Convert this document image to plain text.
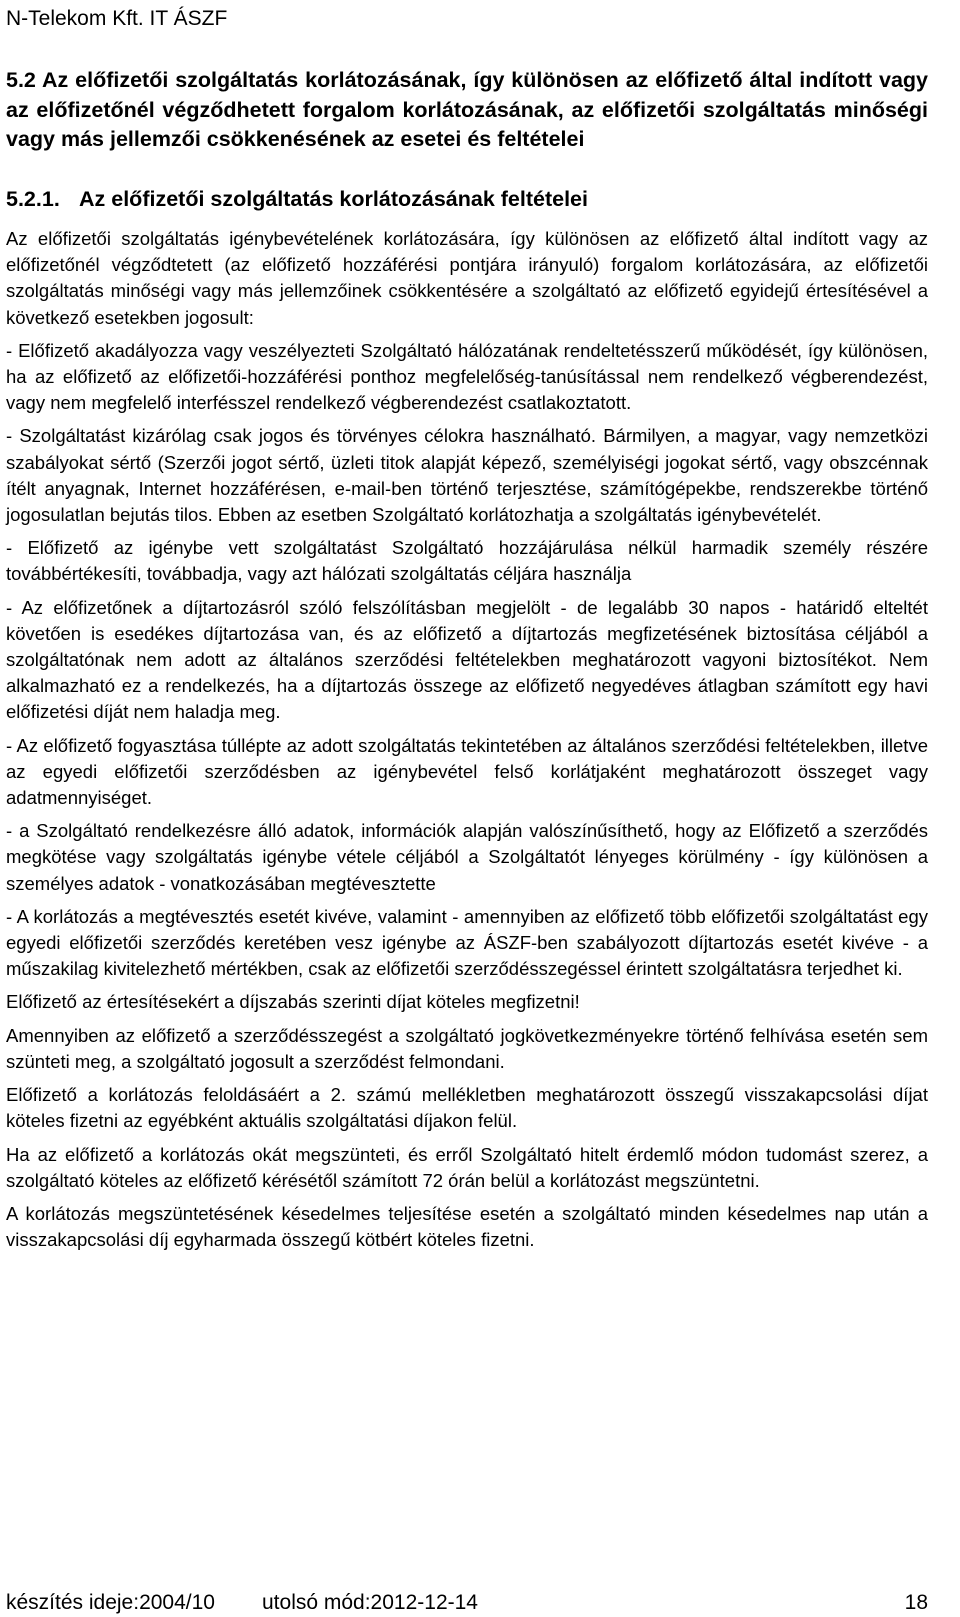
N-Telekom Kft. IT ÁSZF
5.2 Az előfizetői szolgáltatás korlátozásának, így különösen az előfizető által indított vagy az előfizetőnél végződhetett forgalom korlátozásának, az előfizetői szolgáltatás minőségi vagy más jellemzői csökkenésének az esetei és feltételei
5.2.1. Az előfizetői szolgáltatás korlátozásának feltételei

Az előfizetői szolgáltatás igénybevételének korlátozására, így különösen az előfizető által indított vagy az előfizetőnél végződtetett (az előfizető hozzáférési pontjára irányuló) forgalom korlátozására, az előfizetői szolgáltatás minőségi vagy más jellemzőinek csökkentésére a szolgáltató az előfizető egyidejű értesítésével a következő esetekben jogosult:

- Előfizető akadályozza vagy veszélyezteti Szolgáltató hálózatának rendeltetésszerű működését, így különösen, ha az előfizető az előfizetői-hozzáférési ponthoz megfelelőség-tanúsítással nem rendelkező végberendezést, vagy nem megfelelő interfésszel rendelkező végberendezést csatlakoztatott.

- Szolgáltatást kizárólag csak jogos és törvényes célokra használható. Bármilyen, a magyar, vagy nemzetközi szabályokat sértő (Szerzői jogot sértő, üzleti titok alapját képező, személyiségi jogokat sértő, vagy obszcénnak ítélt anyagnak, Internet hozzáférésen, e-mail-ben történő terjesztése, számítógépekbe, rendszerekbe történő jogosulatlan bejutás tilos. Ebben az esetben Szolgáltató korlátozhatja a szolgáltatás igénybevételét.

- Előfizető az igénybe vett szolgáltatást Szolgáltató hozzájárulása nélkül harmadik személy részére továbbértékesíti, továbbadja, vagy azt hálózati szolgáltatás céljára használja

- Az előfizetőnek a díjtartozásról szóló felszólításban megjelölt - de legalább 30 napos - határidő elteltét követően is esedékes díjtartozása van, és az előfizető a díjtartozás megfizetésének biztosítása céljából a szolgáltatónak nem adott az általános szerződési feltételekben meghatározott vagyoni biztosítékot. Nem alkalmazható ez a rendelkezés, ha a díjtartozás összege az előfizető negyedéves átlagban számított egy havi előfizetési díját nem haladja meg.

- Az előfizető fogyasztása túllépte az adott szolgáltatás tekintetében az általános szerződési feltételekben, illetve az egyedi előfizetői szerződésben az igénybevétel felső korlátjaként meghatározott összeget vagy adatmennyiséget.

- a Szolgáltató rendelkezésre álló adatok, információk alapján valószínűsíthető, hogy az Előfizető a szerződés megkötése vagy szolgáltatás igénybe vétele céljából a Szolgáltatót lényeges körülmény - így különösen a személyes adatok - vonatkozásában megtévesztette

- A korlátozás a megtévesztés esetét kivéve, valamint - amennyiben az előfizető több előfizetői szolgáltatást egy egyedi előfizetői szerződés keretében vesz igénybe az ÁSZF-ben szabályozott díjtartozás esetét kivéve - a műszakilag kivitelezhető mértékben, csak az előfizetői szerződésszegéssel érintett szolgáltatásra terjedhet ki.

Előfizető az értesítésekért a díjszabás szerinti díjat köteles megfizetni!

Amennyiben az előfizető a szerződésszegést a szolgáltató jogkövetkezményekre történő felhívása esetén sem szünteti meg, a szolgáltató jogosult a szerződést felmondani.

Előfizető a korlátozás feloldásáért a 2. számú mellékletben meghatározott összegű visszakapcsolási díjat köteles fizetni az egyébként aktuális szolgáltatási díjakon felül.

Ha az előfizető a korlátozás okát megszünteti, és erről Szolgáltató hitelt érdemlő módon tudomást szerez, a szolgáltató köteles az előfizető kérésétől számított 72 órán belül a korlátozást megszüntetni.

A korlátozás megszüntetésének késedelmes teljesítése esetén a szolgáltató minden késedelmes nap után a visszakapcsolási díj egyharmada összegű kötbért köteles fizetni.

készítés ideje:2004/10 utolsó mód:2012-12-14	18
